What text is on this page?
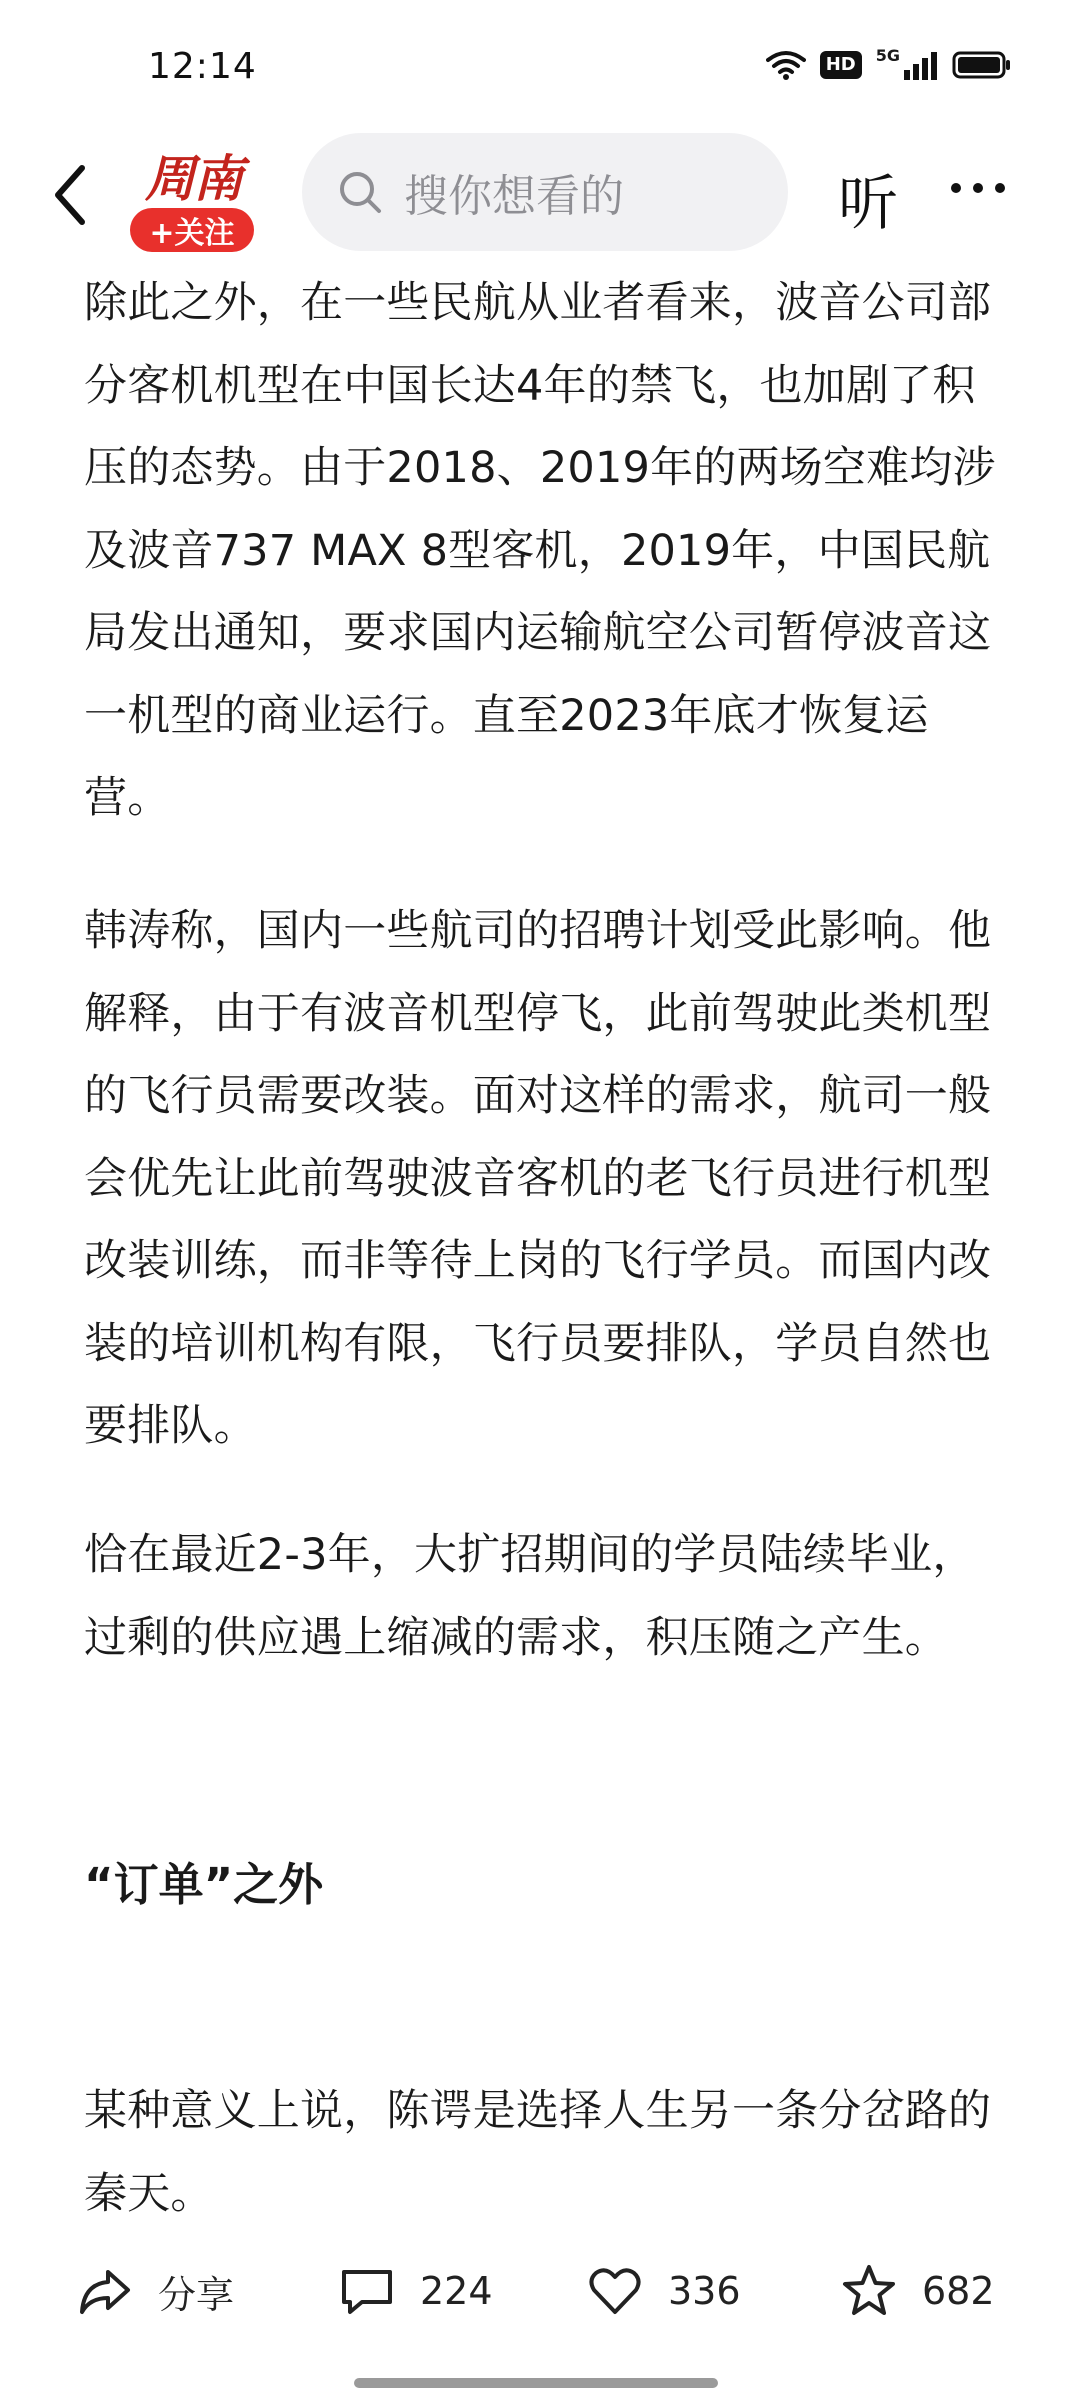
12:14	HD	5G
周南
+关注
搜你想看的	听

除此之外，在一些民航从业者看来，波音公司部分客机机型在中国长达4年的禁飞，也加剧了积压的态势。由于2018、2019年的两场空难均涉及波音737 MAX 8型客机，2019年，中国民航局发出通知，要求国内运输航空公司暂停波音这一机型的商业运行。直至2023年底才恢复运营。

韩涛称，国内一些航司的招聘计划受此影响。他解释，由于有波音机型停飞，此前驾驶此类机型的飞行员需要改装。面对这样的需求，航司一般会优先让此前驾驶波音客机的老飞行员进行机型改装训练，而非等待上岗的飞行学员。而国内改装的培训机构有限，飞行员要排队，学员自然也要排队。

恰在最近2-3年，大扩招期间的学员陆续毕业，过剩的供应遇上缩减的需求，积压随之产生。

“订单”之外

某种意义上说，陈谔是选择人生另一条分岔路的秦天。

分享	224	336	682
